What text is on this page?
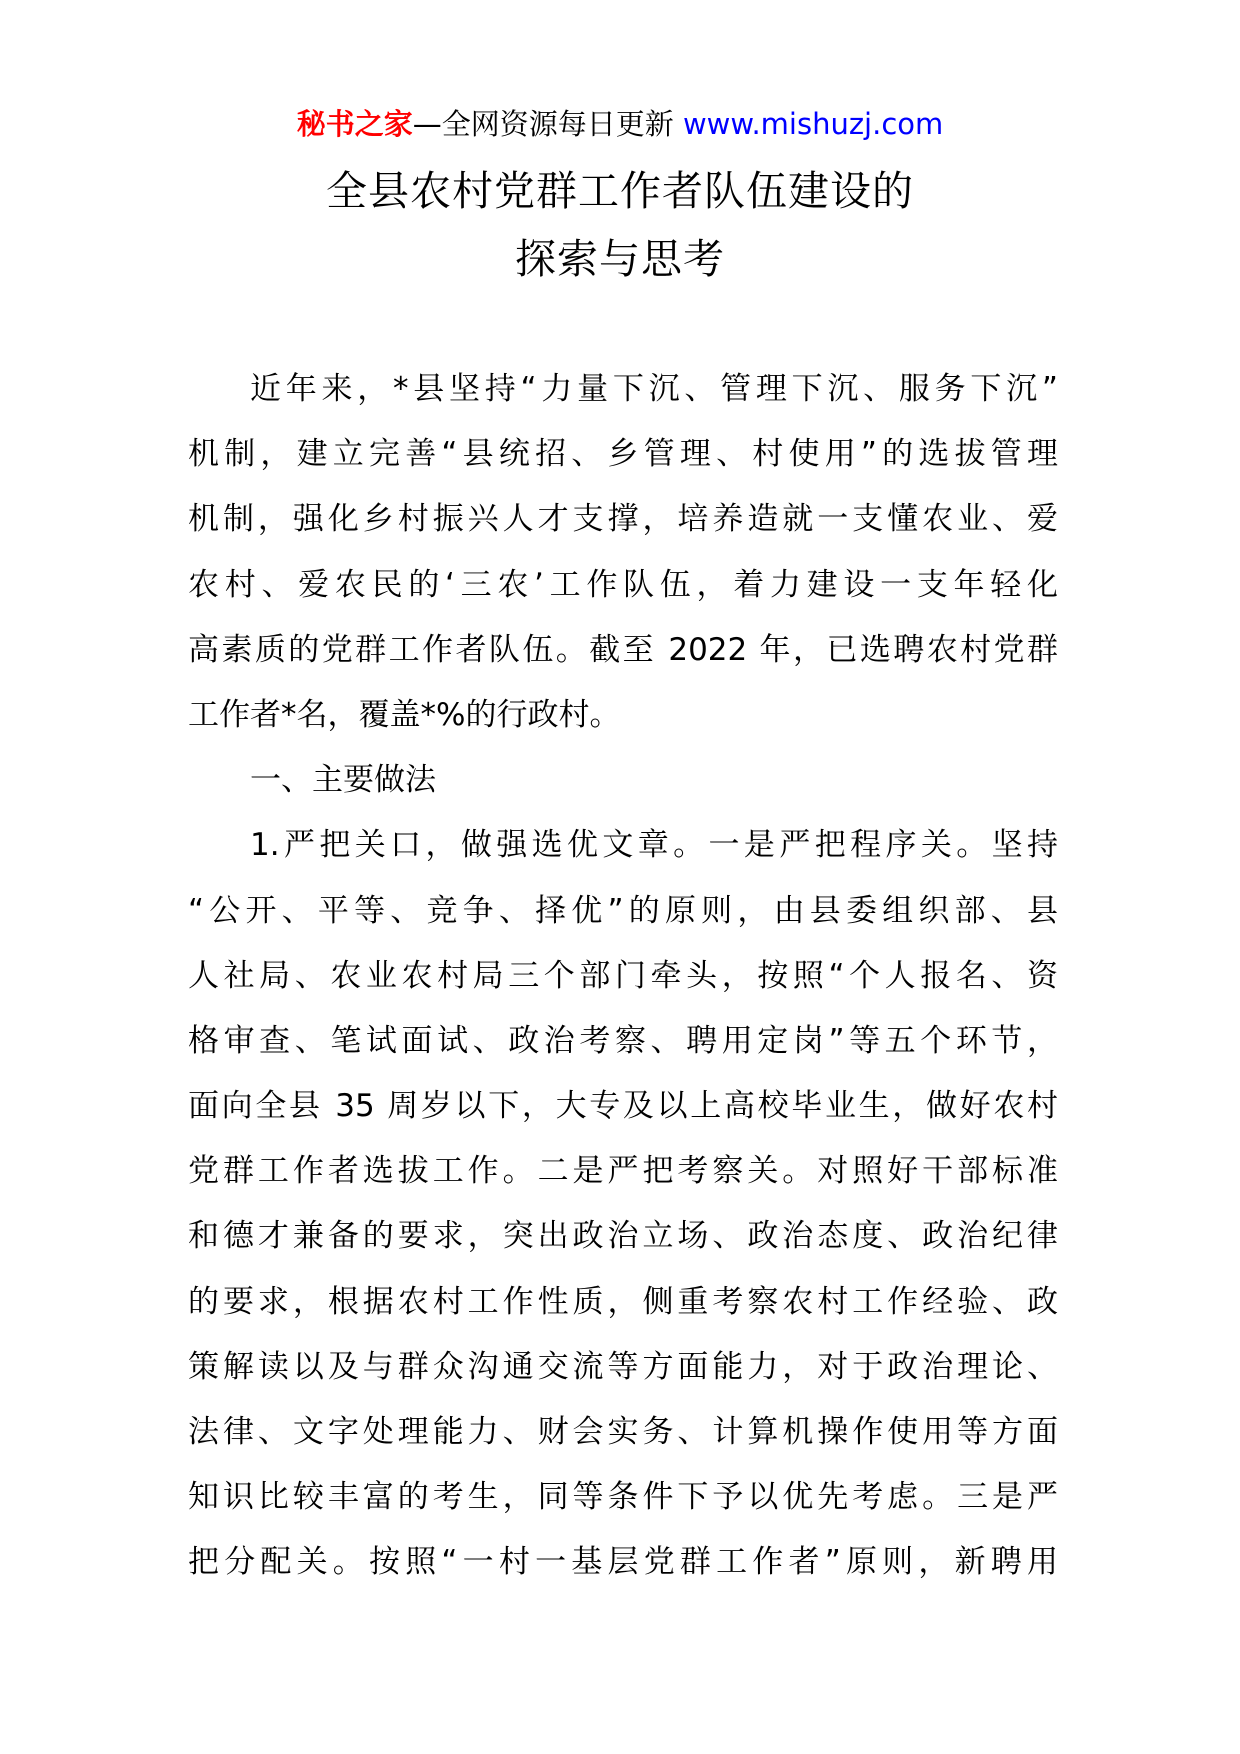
秘书之家—全网资源每日更新 www.mishuzj.com
全县农村党群工作者队伍建设的
探索与思考
近年来，*县坚持“力量下沉、管理下沉、服务下沉”
机制，建立完善“县统招、乡管理、村使用”的选拔管理
机制，强化乡村振兴人才支撑，培养造就一支懂农业、爱
农村、爱农民的‘三农’工作队伍，着力建设一支年轻化
高素质的党群工作者队伍。截至 2022 年，已选聘农村党群
工作者*名，覆盖*%的行政村。
一、主要做法
1.严把关口，做强选优文章。一是严把程序关。坚持
“公开、平等、竞争、择优”的原则，由县委组织部、县
人社局、农业农村局三个部门牵头，按照“个人报名、资
格审查、笔试面试、政治考察、聘用定岗”等五个环节，
面向全县 35 周岁以下，大专及以上高校毕业生，做好农村
党群工作者选拔工作。二是严把考察关。对照好干部标准
和德才兼备的要求，突出政治立场、政治态度、政治纪律
的要求，根据农村工作性质，侧重考察农村工作经验、政
策解读以及与群众沟通交流等方面能力，对于政治理论、
法律、文字处理能力、财会实务、计算机操作使用等方面
知识比较丰富的考生，同等条件下予以优先考虑。三是严
把分配关。按照“一村一基层党群工作者”原则，新聘用
